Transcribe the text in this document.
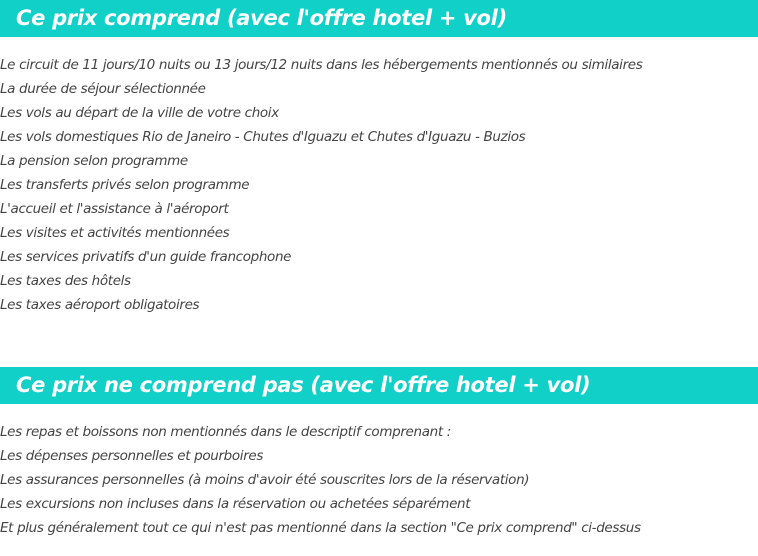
Ce prix comprend (avec l'offre hotel + vol)
Le circuit de 11 jours/10 nuits ou 13 jours/12 nuits dans les hébergements mentionnés ou similaires
La durée de séjour sélectionnée
Les vols au départ de la ville de votre choix
Les vols domestiques Rio de Janeiro - Chutes d'Iguazu et Chutes d'Iguazu - Buzios
La pension selon programme
Les transferts privés selon programme
L'accueil et l'assistance à l'aéroport
Les visites et activités mentionnées
Les services privatifs d'un guide francophone
Les taxes des hôtels
Les taxes aéroport obligatoires
Ce prix ne comprend pas (avec l'offre hotel + vol)
Les repas et boissons non mentionnés dans le descriptif comprenant :
Les dépenses personnelles et pourboires
Les assurances personnelles (à moins d'avoir été souscrites lors de la réservation)
Les excursions non incluses dans la réservation ou achetées séparément
Et plus généralement tout ce qui n'est pas mentionné dans la section "Ce prix comprend" ci-dessus
